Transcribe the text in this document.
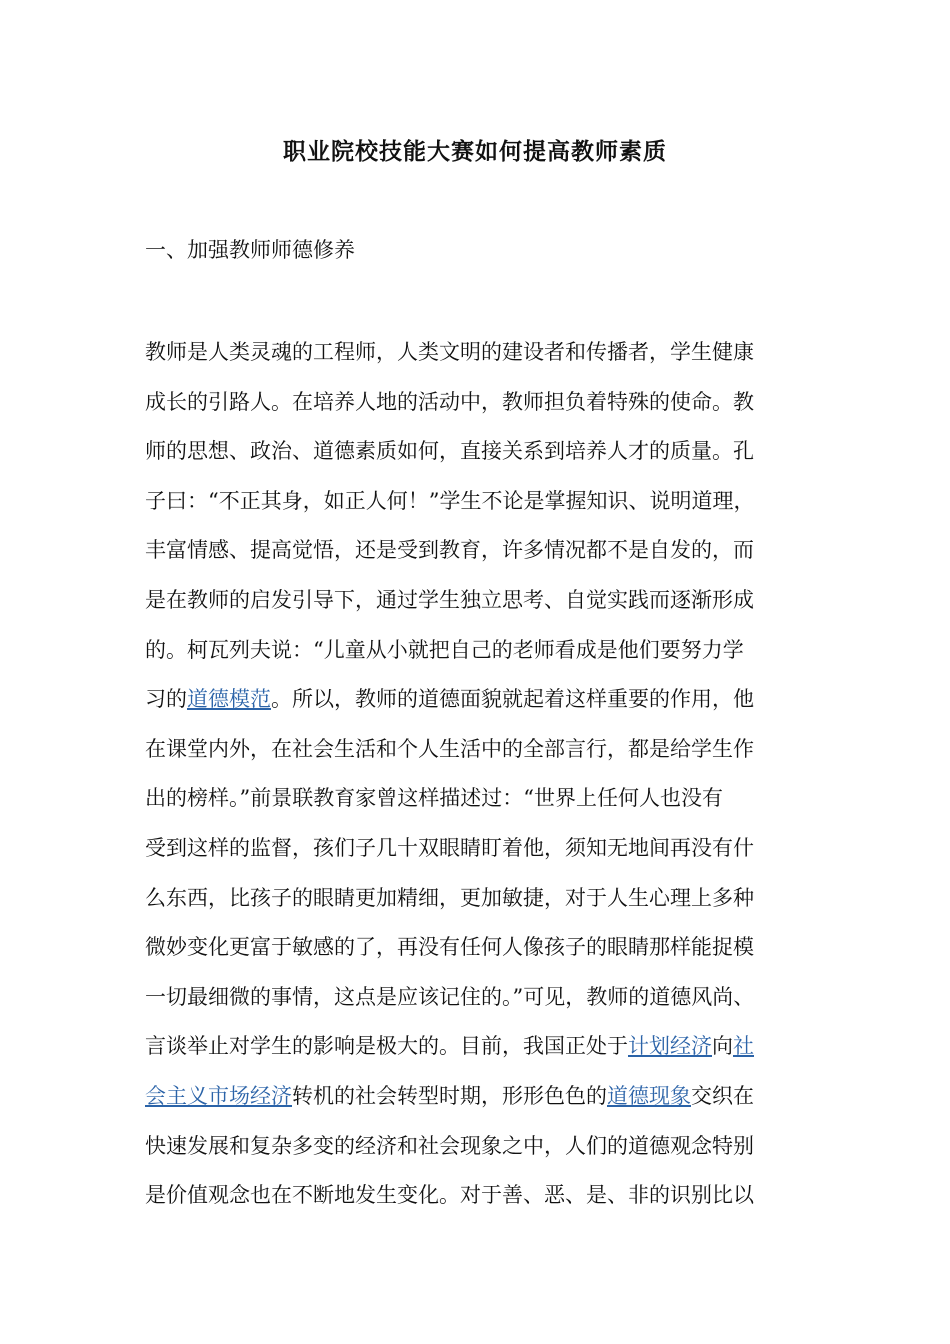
职业院校技能大赛如何提高教师素质
一、加强教师师德修养
教师是人类灵魂的工程师，人类文明的建设者和传播者，学生健康
成长的引路人。在培养人地的活动中，教师担负着特殊的使命。教
师的思想、政治、道德素质如何，直接关系到培养人才的质量。孔
子曰：“不正其身，如正人何！”学生不论是掌握知识、说明道理，
丰富情感、提高觉悟，还是受到教育，许多情况都不是自发的，而
是在教师的启发引导下，通过学生独立思考、自觉实践而逐渐形成
的。柯瓦列夫说：“儿童从小就把自己的老师看成是他们要努力学
习的道德模范。所以，教师的道德面貌就起着这样重要的作用，他
在课堂内外，在社会生活和个人生活中的全部言行，都是给学生作
出的榜样。”前景联教育家曾这样描述过：“世界上任何人也没有
受到这样的监督，孩们子几十双眼睛盯着他，须知无地间再没有什
么东西，比孩子的眼睛更加精细，更加敏捷，对于人生心理上多种
微妙变化更富于敏感的了，再没有任何人像孩子的眼睛那样能捉模
一切最细微的事情，这点是应该记住的。”可见，教师的道德风尚、
言谈举止对学生的影响是极大的。目前，我国正处于计划经济向社
会主义市场经济转机的社会转型时期，形形色色的道德现象交织在
快速发展和复杂多变的经济和社会现象之中，人们的道德观念特别
是价值观念也在不断地发生变化。对于善、恶、是、非的识别比以
